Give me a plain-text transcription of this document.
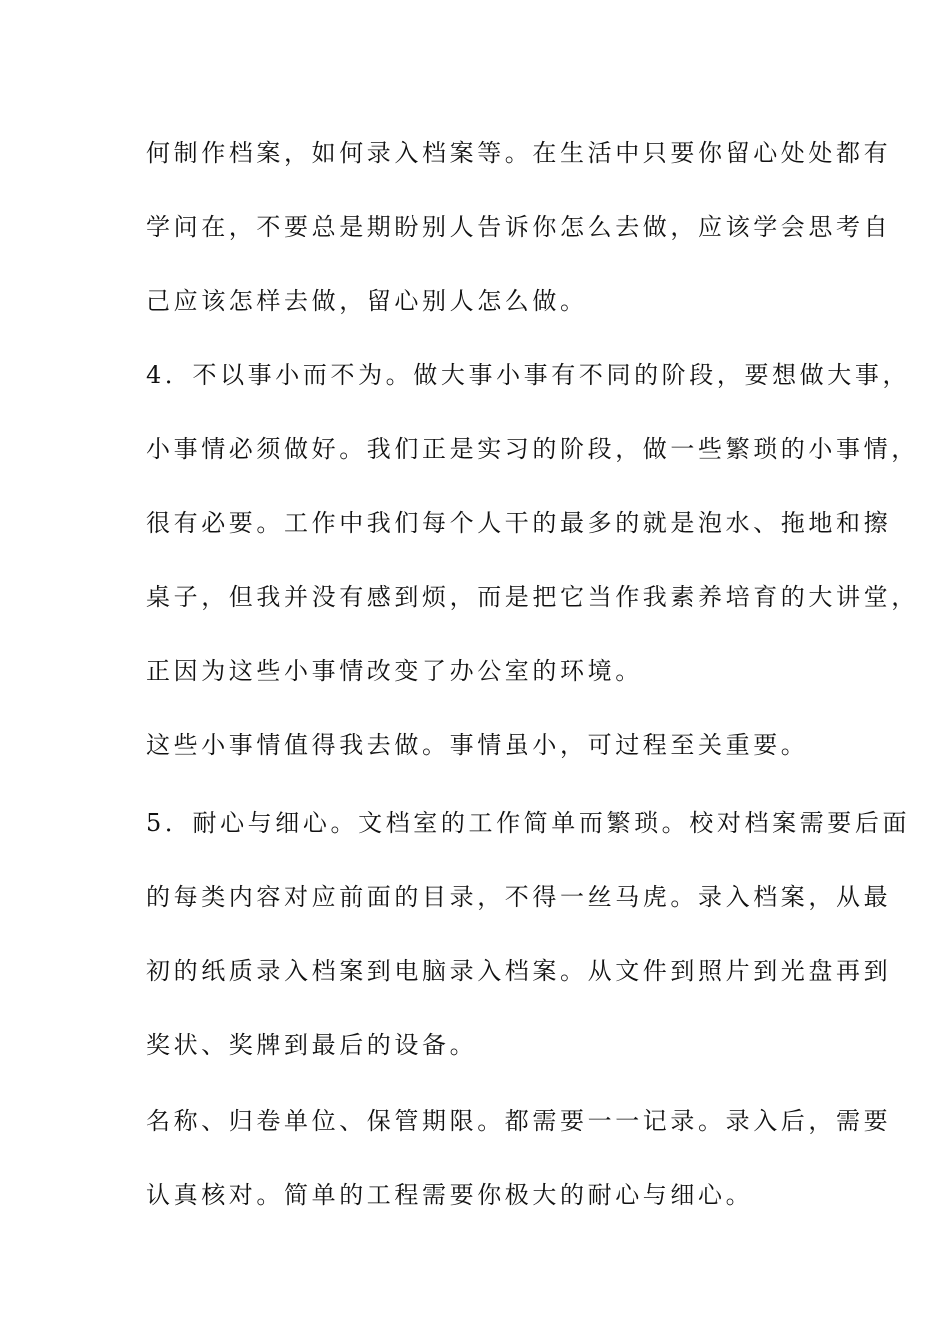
何制作档案，如何录入档案等。在生活中只要你留心处处都有
学问在，不要总是期盼别人告诉你怎么去做，应该学会思考自
己应该怎样去做，留心别人怎么做。
4．不以事小而不为。做大事小事有不同的阶段，要想做大事，
小事情必须做好。我们正是实习的阶段，做一些繁琐的小事情，
很有必要。工作中我们每个人干的最多的就是泡水、拖地和擦
桌子，但我并没有感到烦，而是把它当作我素养培育的大讲堂，
正因为这些小事情改变了办公室的环境。
这些小事情值得我去做。事情虽小，可过程至关重要。
5．耐心与细心。文档室的工作简单而繁琐。校对档案需要后面
的每类内容对应前面的目录，不得一丝马虎。录入档案，从最
初的纸质录入档案到电脑录入档案。从文件到照片到光盘再到
奖状、奖牌到最后的设备。
名称、归卷单位、保管期限。都需要一一记录。录入后，需要
认真核对。简单的工程需要你极大的耐心与细心。
